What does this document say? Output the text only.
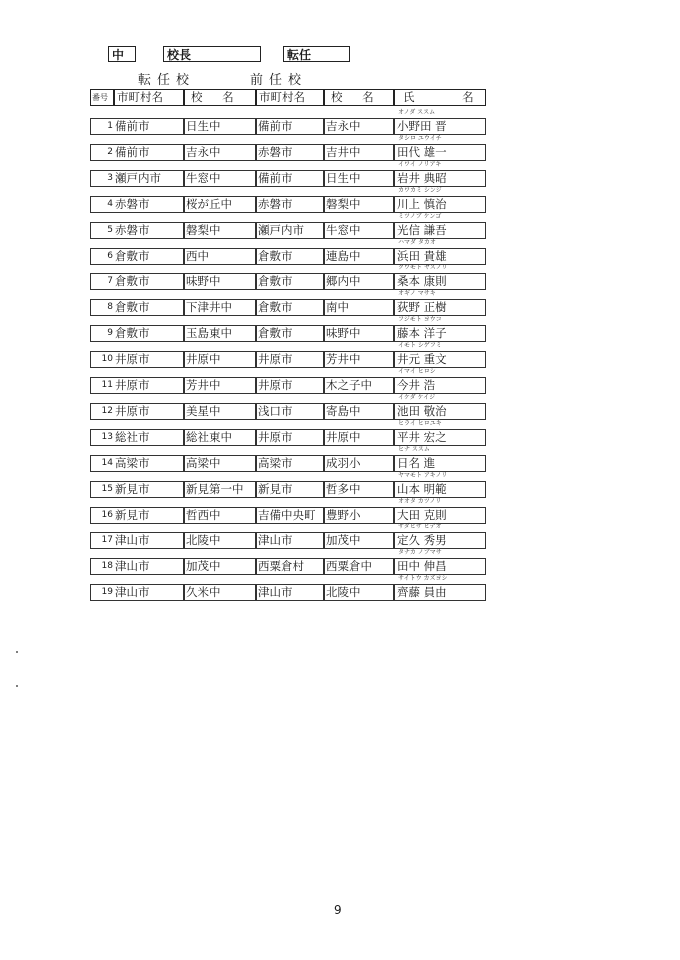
中	校長	転任
転任校	前任校
番号 市町村名	校 名	市町村名	校 名	氏 名
オノダ ススム
1 備前市	日生中	備前市	吉永中	小野田 晋
タシロ ユウイチ
2 備前市	吉永中	赤磐市	吉井中	田代 雄一
イワイ ノリアキ
3 瀬戸内市	牛窓中	備前市	日生中	岩井 典昭
カワカミ シンジ
4 赤磐市	桜が丘中	赤磐市	磐梨中	川上 慎治
ミツノブ ケンゴ
5 赤磐市	磐梨中	瀬戸内市	牛窓中	光信 謙吾
ハマダ タカオ
6 倉敷市	西中	倉敷市	連島中	浜田 貴雄
クワモト ヤスノリ
7 倉敷市	味野中	倉敷市	郷内中	桑本 康則
オギノ マサキ
8 倉敷市	下津井中	倉敷市	南中	荻野 正樹
フジモト ヨウコ
9 倉敷市	玉島東中	倉敷市	味野中	藤本 洋子
イモト シゲフミ
10 井原市	井原中	井原市	芳井中	井元 重文
イマイ ヒロシ
11 井原市	芳井中	井原市	木之子中	今井 浩
イケダ ケイジ
12 井原市	美星中	浅口市	寄島中	池田 敬治
ヒライ ヒロユキ
13 総社市	総社東中	井原市	井原中	平井 宏之
ヒナ ススム
14 高梁市	高梁中	高梁市	成羽小	日名 進
ヤマモト アキノリ
15 新見市	新見第一中	新見市	哲多中	山本 明範
オオタ カツノリ
16 新見市	哲西中	吉備中央町 豊野小	大田 克則
サダヒサ ヒデオ
17 津山市	北陵中	津山市	加茂中	定久 秀男
タナカ ノブマサ
18 津山市	加茂中	西粟倉村	西粟倉中	田中 伸昌
サイトウ カズヨシ
19 津山市	久米中	津山市	北陵中	齊藤 員由
9
